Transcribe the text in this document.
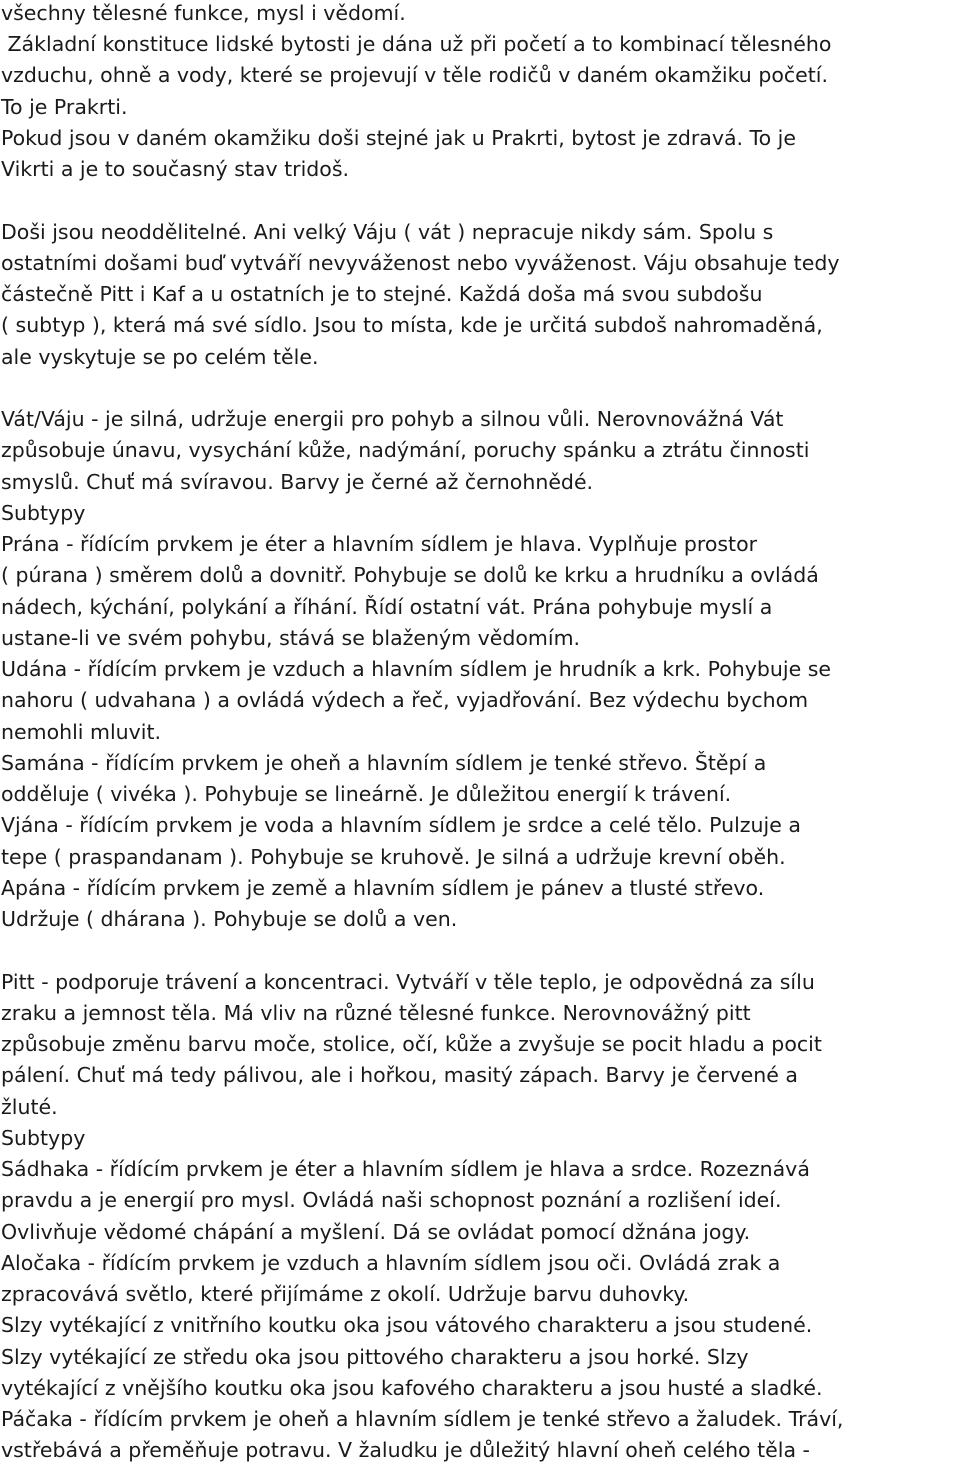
všechny tělesné funkce, mysl i vědomí.

Základní konstituce lidské bytosti je dána už při početí a to kombinací tělesného

vzduchu, ohně a vody, které se projevují v těle rodičů v daném okamžiku početí.

To je Prakrti.

Pokud jsou v daném okamžiku doši stejné jak u Prakrti, bytost je zdravá. To je

Vikrti a je to současný stav tridoš.

Doši jsou neoddělitelné. Ani velký Váju ( vát ) nepracuje nikdy sám. Spolu s

ostatními došami buď vytváří nevyváženost nebo vyváženost. Váju obsahuje tedy

částečně Pitt i Kaf a u ostatních je to stejné. Každá doša má svou subdošu

( subtyp ), která má své sídlo. Jsou to místa, kde je určitá subdoš nahromaděná,

ale vyskytuje se po celém těle.

Vát/Váju - je silná, udržuje energii pro pohyb a silnou vůli. Nerovnovážná Vát

způsobuje únavu, vysychání kůže, nadýmání, poruchy spánku a ztrátu činnosti

smyslů. Chuť má svíravou. Barvy je černé až černohnědé.

Subtypy

Prána - řídícím prvkem je éter a hlavním sídlem je hlava. Vyplňuje prostor

( púrana ) směrem dolů a dovnitř. Pohybuje se dolů ke krku a hrudníku a ovládá

nádech, kýchání, polykání a říhání. Řídí ostatní vát. Prána pohybuje myslí a

ustane-li ve svém pohybu, stává se blaženým vědomím.

Udána - řídícím prvkem je vzduch a hlavním sídlem je hrudník a krk. Pohybuje se

nahoru ( udvahana ) a ovládá výdech a řeč, vyjadřování. Bez výdechu bychom

nemohli mluvit.

Samána - řídícím prvkem je oheň a hlavním sídlem je tenké střevo. Štěpí a

odděluje ( vivéka ). Pohybuje se lineárně. Je důležitou energií k trávení.

Vjána - řídícím prvkem je voda a hlavním sídlem je srdce a celé tělo. Pulzuje a

tepe ( praspandanam ). Pohybuje se kruhově. Je silná a udržuje krevní oběh.

Apána - řídícím prvkem je země a hlavním sídlem je pánev a tlusté střevo.

Udržuje ( dhárana ). Pohybuje se dolů a ven.

Pitt - podporuje trávení a koncentraci. Vytváří v těle teplo, je odpovědná za sílu

zraku a jemnost těla. Má vliv na různé tělesné funkce. Nerovnovážný pitt

způsobuje změnu barvu moče, stolice, očí, kůže a zvyšuje se pocit hladu a pocit

pálení. Chuť má tedy pálivou, ale i hořkou, masitý zápach. Barvy je červené a

žluté.

Subtypy

Sádhaka - řídícím prvkem je éter a hlavním sídlem je hlava a srdce. Rozeznává

pravdu a je energií pro mysl. Ovládá naši schopnost poznání a rozlišení ideí.

Ovlivňuje vědomé chápání a myšlení. Dá se ovládat pomocí džnána jogy.

Aločaka - řídícím prvkem je vzduch a hlavním sídlem jsou oči. Ovládá zrak a

zpracovává světlo, které přijímáme z okolí. Udržuje barvu duhovky.

Slzy vytékající z vnitřního koutku oka jsou vátového charakteru a jsou studené.

Slzy vytékající ze středu oka jsou pittového charakteru a jsou horké. Slzy

vytékající z vnějšího koutku oka jsou kafového charakteru a jsou husté a sladké.

Páčaka - řídícím prvkem je oheň a hlavním sídlem je tenké střevo a žaludek. Tráví,

vstřebává a přeměňuje potravu. V žaludku je důležitý hlavní oheň celého těla -
